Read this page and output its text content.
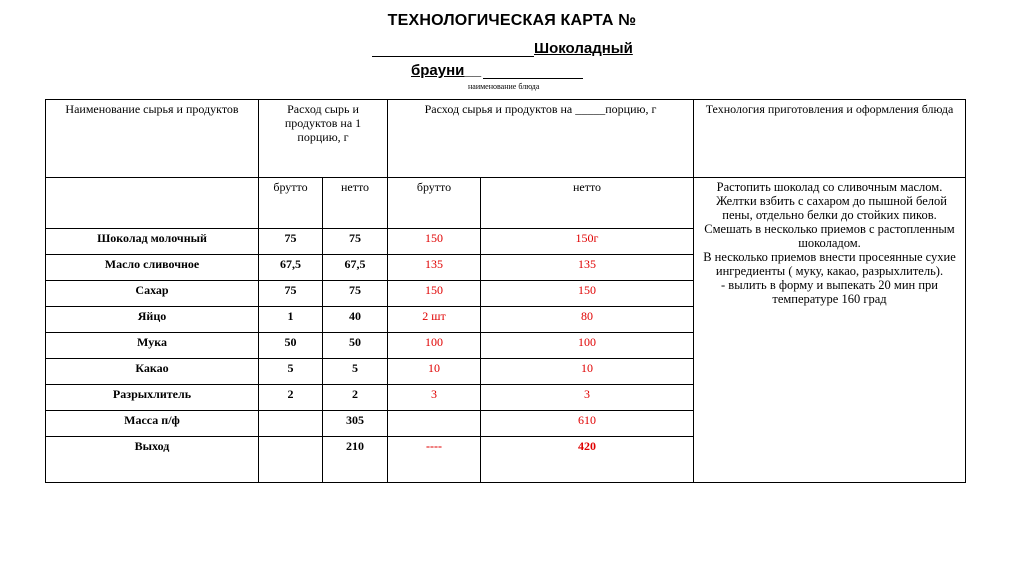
ТЕХНОЛОГИЧЕСКАЯ КАРТА №
Шоколадный
брауни__
наименование блюда
Наименование сырья и продуктов	Расход сырь и продуктов на 1 порцию, г		Расход сырья и продуктов на _____порцию, г		Технология приготовления и оформления блюда
	брутто	нетто	брутто	нетто	Растопить шоколад со сливочным маслом.

Желтки взбить с сахаром до пышной белой пены, отдельно белки до стойких пиков. Смешать в несколько приемов с растопленным шоколадом.

В несколько приемов внести просеянные сухие ингредиенты ( муку, какао, разрыхлитель).

- вылить в форму и выпекать 20 мин при температуре 160 град

Шоколад молочный	75	75	150	150г	
Масло сливочное	67,5	67,5	135	135	
Сахар	75	75	150	150	
Яйцо	1	40	2 шт	80	
Мука	50	50	100	100	
Какао	5	5	10	10	
Разрыхлитель	2	2	3	3	
Масса п/ф		305		610	
Выход		210	----	420	
